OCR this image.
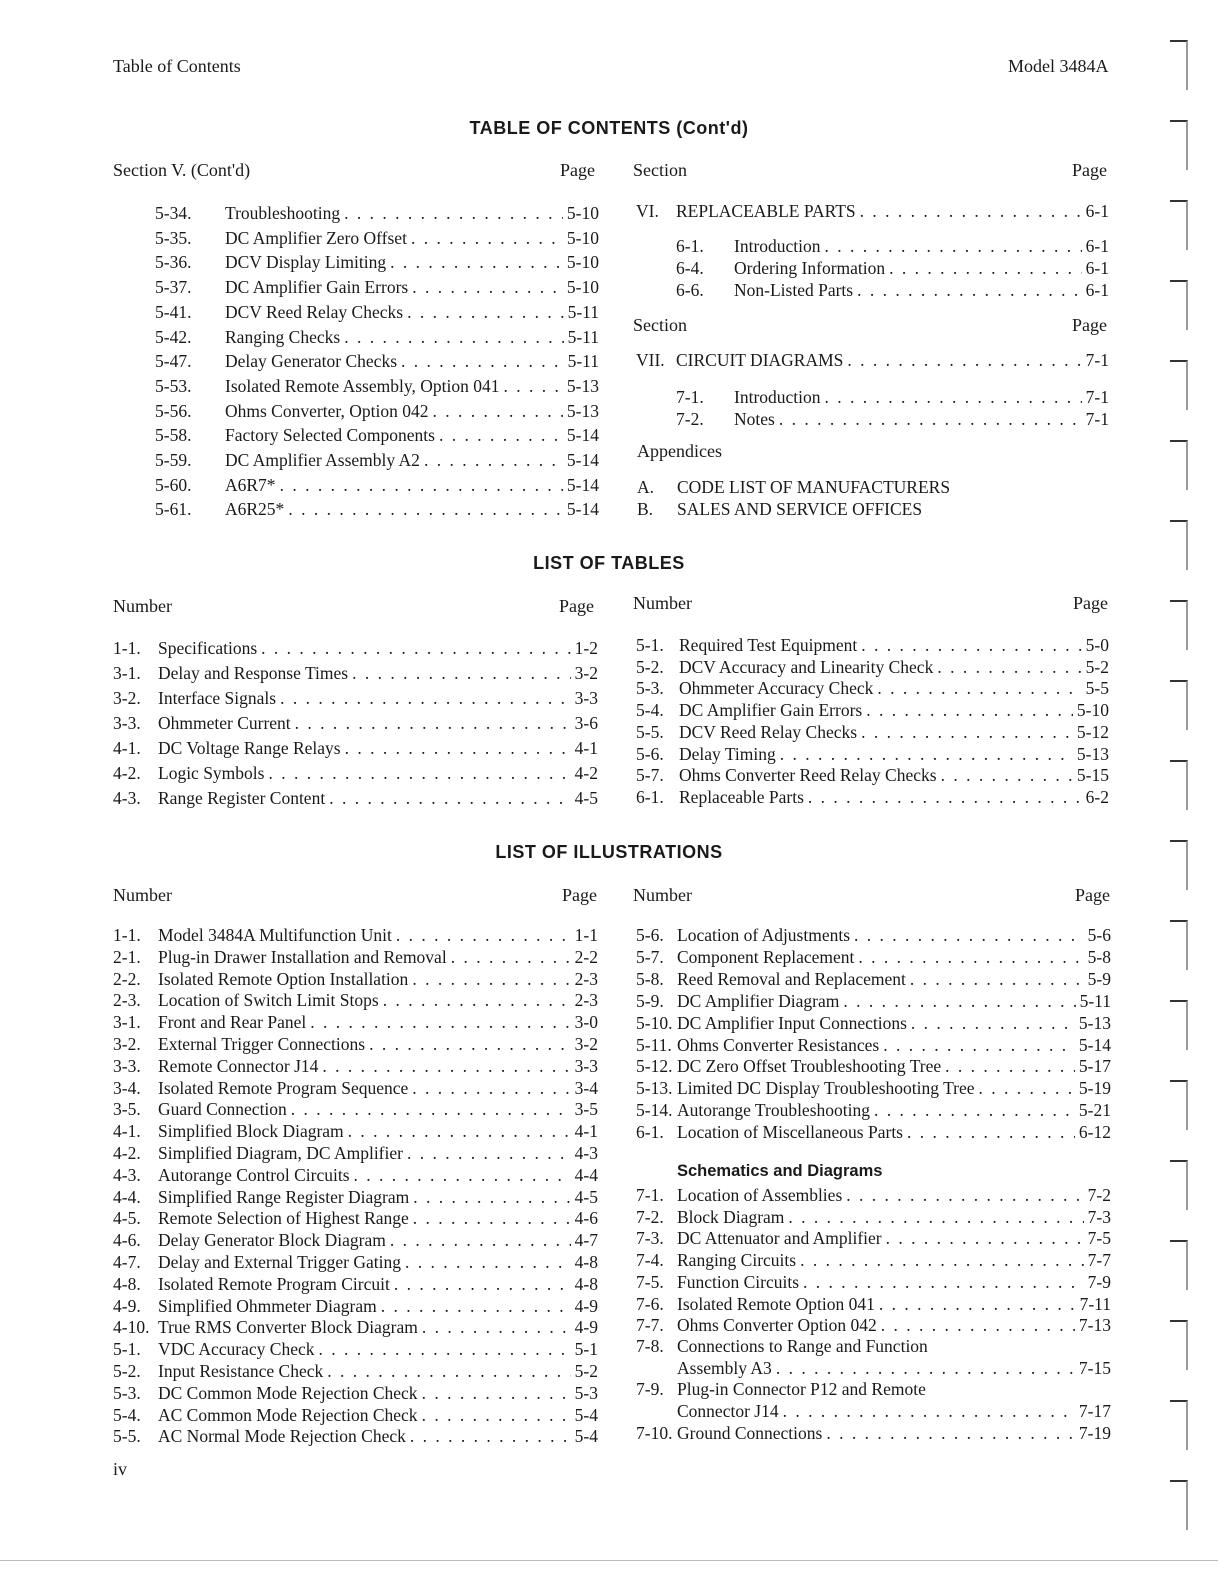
Table of Contents	Model 3484A
TABLE OF CONTENTS (Cont'd)
Section V. (Cont'd)	Page Section	Page
5-34.	Troubleshooting . . .	5-10
5-35.	DC Amplifier Zero Offset . . .	5-10
5-36.	DCV Display Limiting . . .	5-10
5-37.	DC Amplifier Gain Errors . . .	5-10
5-41.	DCV Reed Relay Checks . . .	5-11
5-42.	Ranging Checks . . .	5-11
5-47.	Delay Generator Checks . . .	5-11
5-53.	Isolated Remote Assembly, Option 041 . . .	5-13
5-56.	Ohms Converter, Option 042 . . .	5-13
5-58.	Factory Selected Components . . .	5-14
5-59.	DC Amplifier Assembly A2 . . .	5-14
5-60.	A6R7* . . .	5-14
5-61.	A6R25* . . .	5-14
VI. REPLACEABLE PARTS . . .	6-1
6-1.	Introduction . . .	6-1
6-4.	Ordering Information . . .	6-1
6-6.	Non-Listed Parts . . .	6-1
Section	Page
VII. CIRCUIT DIAGRAMS . . .	7-1
7-1.	Introduction . . .	7-1
7-2.	Notes . . .	7-1
Appendices
A. CODE LIST OF MANUFACTURERS
B. SALES AND SERVICE OFFICES
LIST OF TABLES
Number	Page Number	Page
1-1. Specifications . . .	1-2
3-1. Delay and Response Times . . .	3-2
3-2. Interface Signals . . .	3-3
3-3. Ohmmeter Current . . .	3-6
4-1. DC Voltage Range Relays . . .	4-1
4-2. Logic Symbols . . .	4-2
4-3. Range Register Content . . .	4-5
5-1. Required Test Equipment . . .	5-0
5-2. DCV Accuracy and Linearity Check . . .	5-2
5-3. Ohmmeter Accuracy Check . . .	5-5
5-4. DC Amplifier Gain Errors . . .	5-10
5-5. DCV Reed Relay Checks . . .	5-12
5-6. Delay Timing . . .	5-13
5-7. Ohms Converter Reed Relay Checks . . .	5-15
6-1. Replaceable Parts . . .	6-2
LIST OF ILLUSTRATIONS
Number	Page Number	Page
1-1. Model 3484A Multifunction Unit . . .	1-1
2-1. Plug-in Drawer Installation and Removal . . .	2-2
2-2. Isolated Remote Option Installation . . .	2-3
2-3. Location of Switch Limit Stops . . .	2-3
3-1. Front and Rear Panel . . .	3-0
3-2. External Trigger Connections . . .	3-2
3-3. Remote Connector J14 . . .	3-3
3-4. Isolated Remote Program Sequence . . .	3-4
3-5. Guard Connection . . .	3-5
4-1. Simplified Block Diagram . . .	4-1
4-2. Simplified Diagram, DC Amplifier . . .	4-3
4-3. Autorange Control Circuits . . .	4-4
4-4. Simplified Range Register Diagram . . .	4-5
4-5. Remote Selection of Highest Range . . .	4-6
4-6. Delay Generator Block Diagram . . .	4-7
4-7. Delay and External Trigger Gating . . .	4-8
4-8. Isolated Remote Program Circuit . . .	4-8
4-9. Simplified Ohmmeter Diagram . . .	4-9
4-10. True RMS Converter Block Diagram . . .	4-9
5-1. VDC Accuracy Check . . .	5-1
5-2. Input Resistance Check . . .	5-2
5-3. DC Common Mode Rejection Check . . .	5-3
5-4. AC Common Mode Rejection Check . . .	5-4
5-5. AC Normal Mode Rejection Check . . .	5-4
5-6. Location of Adjustments . . .	5-6
5-7. Component Replacement . . .	5-8
5-8. Reed Removal and Replacement . . .	5-9
5-9. DC Amplifier Diagram . . .	5-11
5-10. DC Amplifier Input Connections . . .	5-13
5-11. Ohms Converter Resistances . . .	5-14
5-12. DC Zero Offset Troubleshooting Tree . . .	5-17
5-13. Limited DC Display Troubleshooting Tree . . .	5-19
5-14. Autorange Troubleshooting . . .	5-21
6-1. Location of Miscellaneous Parts . . .	6-12
Schematics and Diagrams
7-1. Location of Assemblies . . .	7-2
7-2. Block Diagram . . .	7-3
7-3. DC Attenuator and Amplifier . . .	7-5
7-4. Ranging Circuits . . .	7-7
7-5. Function Circuits . . .	7-9
7-6. Isolated Remote Option 041 . . .	7-11
7-7. Ohms Converter Option 042 . . .	7-13
7-8. Connections to Range and Function
Assembly A3 . . .	7-15
7-9. Plug-in Connector P12 and Remote
Connector J14 . . .	7-17
7-10. Ground Connections . . .	7-19
iv
